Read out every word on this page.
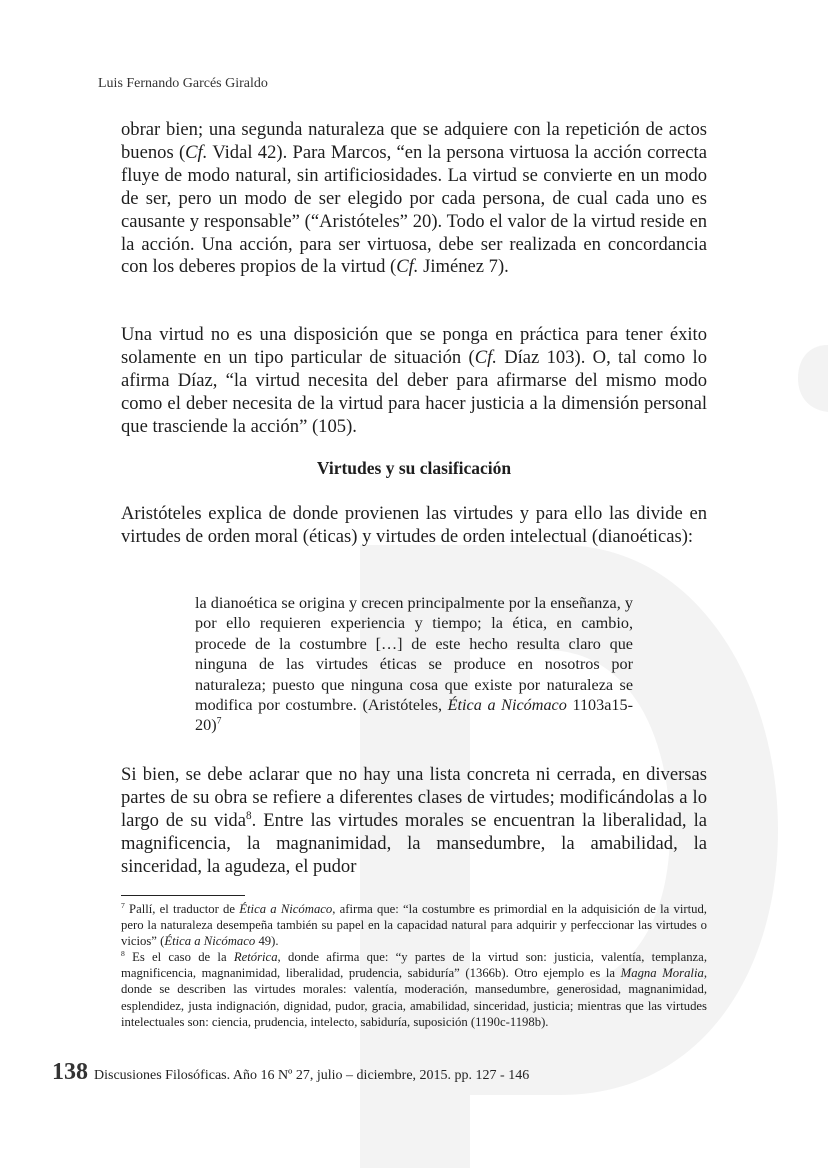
Luis Fernando Garcés Giraldo

obrar bien; una segunda naturaleza que se adquiere con la repetición de actos buenos (Cf. Vidal 42). Para Marcos, “en la persona virtuosa la acción correcta fluye de modo natural, sin artificiosidades. La virtud se convierte en un modo de ser, pero un modo de ser elegido por cada persona, de cual cada uno es causante y responsable” (“Aristóteles” 20). Todo el valor de la virtud reside en la acción. Una acción, para ser virtuosa, debe ser realizada en concordancia con los deberes propios de la virtud (Cf. Jiménez 7).

Una virtud no es una disposición que se ponga en práctica para tener éxito solamente en un tipo particular de situación (Cf. Díaz 103). O, tal como lo afirma Díaz, “la virtud necesita del deber para afirmarse del mismo modo como el deber necesita de la virtud para hacer justicia a la dimensión personal que trasciende la acción” (105).

Virtudes y su clasificación

Aristóteles explica de donde provienen las virtudes y para ello las divide en virtudes de orden moral (éticas) y virtudes de orden intelectual (dianoéticas):

la dianoética se origina y crecen principalmente por la enseñanza, y por ello requieren experiencia y tiempo; la ética, en cambio, procede de la costumbre […] de este hecho resulta claro que ninguna de las virtudes éticas se produce en nosotros por naturaleza; puesto que ninguna cosa que existe por naturaleza se modifica por costumbre. (Aristóteles, Ética a Nicómaco 1103a15-20)$^7$

Si bien, se debe aclarar que no hay una lista concreta ni cerrada, en diversas partes de su obra se refiere a diferentes clases de virtudes; modificándolas a lo largo de su vida$^8$. Entre las virtudes morales se encuentran la liberalidad, la magnificencia, la magnanimidad, la mansedumbre, la amabilidad, la sinceridad, la agudeza, el pudor

$^7$ Pallí, el traductor de Ética a Nicómaco, afirma que: “la costumbre es primordial en la adquisición de la virtud, pero la naturaleza desempeña también su papel en la capacidad natural para adquirir y perfeccionar las virtudes o vicios” (Ética a Nicómaco 49).

$^8$ Es el caso de la Retórica, donde afirma que: “y partes de la virtud son: justicia, valentía, templanza, magnificencia, magnanimidad, liberalidad, prudencia, sabiduría” (1366b). Otro ejemplo es la Magna Moralia, donde se describen las virtudes morales: valentía, moderación, mansedumbre, generosidad, magnanimidad, esplendidez, justa indignación, dignidad, pudor, gracia, amabilidad, sinceridad, justicia; mientras que las virtudes intelectuales son: ciencia, prudencia, intelecto, sabiduría, suposición (1190c-1198b).

138 Discusiones Filosóficas. Año 16 Nº 27, julio – diciembre, 2015. pp. 127 - 146
